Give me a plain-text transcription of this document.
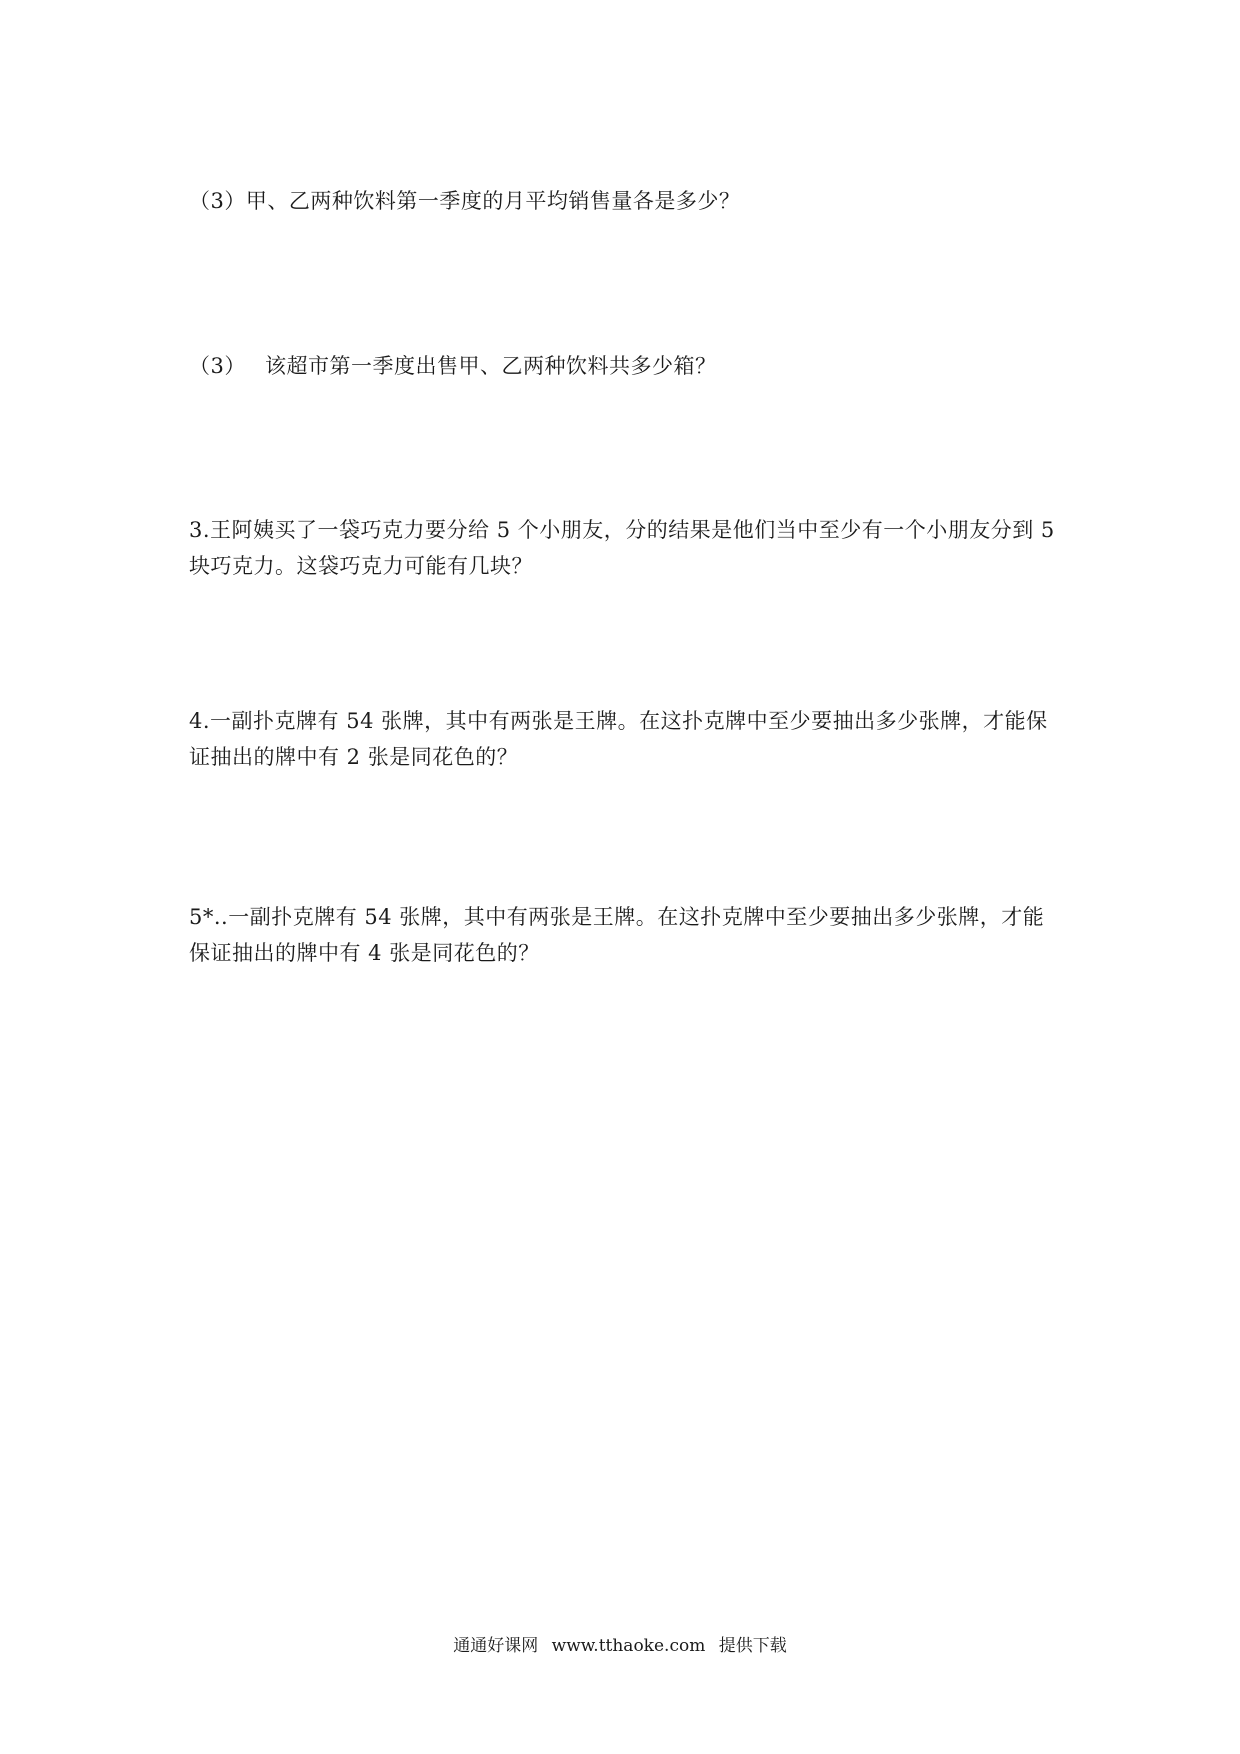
（3）甲、乙两种饮料第一季度的月平均销售量各是多少？

（3） 该超市第一季度出售甲、乙两种饮料共多少箱？

3.王阿姨买了一袋巧克力要分给 5 个小朋友，分的结果是他们当中至少有一个小朋友分到 5 块巧克力。这袋巧克力可能有几块？

4.一副扑克牌有 54 张牌，其中有两张是王牌。在这扑克牌中至少要抽出多少张牌，才能保证抽出的牌中有 2 张是同花色的？

5*..一副扑克牌有 54 张牌，其中有两张是王牌。在这扑克牌中至少要抽出多少张牌，才能保证抽出的牌中有 4 张是同花色的？

通通好课网 www.tthaoke.com 提供下载
